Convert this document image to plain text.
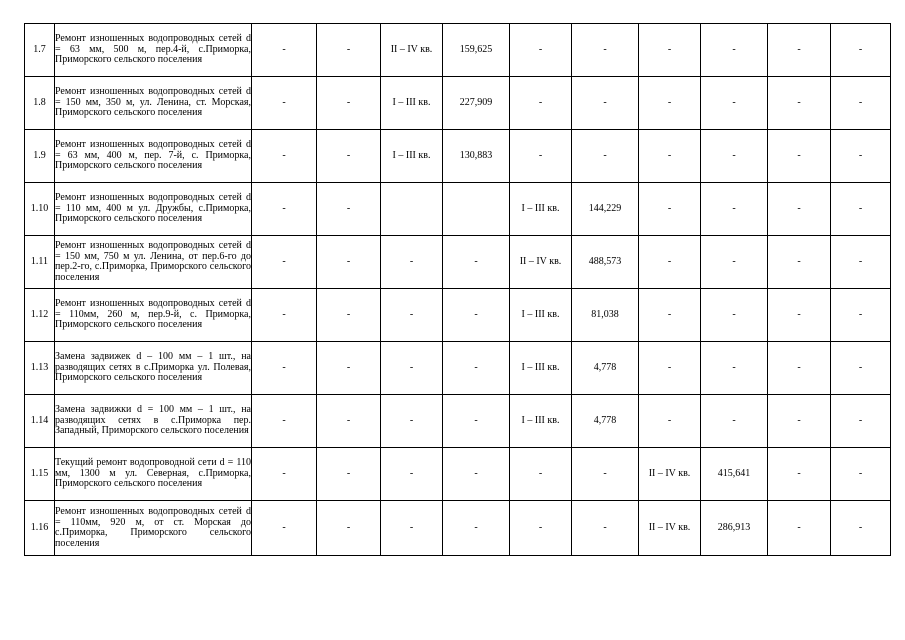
1.7	Ремонт изношенных водопроводных сетей d = 63 мм, 500 м, пер.4-й, с.Приморка, Приморского сельского поселения	-	-	II – IV кв.	159,625	-	-	-	-	-	-
1.8	Ремонт изношенных водопроводных сетей d = 150 мм, 350 м, ул. Ленина, ст. Морская, Приморского сельского поселения	-	-	I – III кв.	227,909	-	-	-	-	-	-
1.9	Ремонт изношенных водопроводных сетей d = 63 мм, 400 м, пер. 7-й, с. Приморка, Приморского сельского поселения	-	-	I – III кв.	130,883	-	-	-	-	-	-
1.10	Ремонт изношенных водопроводных сетей d = 110 мм, 400 м ул. Дружбы, с.Приморка, Приморского сельского поселения	-	-			I – III кв.	144,229	-	-	-	-
1.11	Ремонт изношенных водопроводных сетей d = 150 мм, 750 м ул. Ленина, от пер.6-го до пер.2-го, с.Приморка, Приморского сельского поселения	-	-	-	-	II – IV кв.	488,573	-	-	-	-
1.12	Ремонт изношенных водопроводных сетей d = 110мм, 260 м, пер.9-й, с. Приморка, Приморского сельского поселения	-	-	-	-	I – III кв.	81,038	-	-	-	-
1.13	Замена задвижек d – 100 мм – 1 шт., на разводящих сетях в с.Приморка ул. Полевая, Приморского сельского поселения	-	-	-	-	I – III кв.	4,778	-	-	-	-
1.14	Замена задвижки d = 100 мм – 1 шт., на разводящих сетях в с.Приморка пер. Западный, Приморского сельского поселения	-	-	-	-	I – III кв.	4,778	-	-	-	-
1.15	Текущий ремонт водопроводной сети d = 110 мм, 1300 м ул. Северная, с.Приморка, Приморского сельского поселения	-	-	-	-	-	-	II – IV кв.	415,641	-	-
1.16	Ремонт изношенных водопроводных сетей d = 110мм, 920 м, от ст. Морская до с.Приморка, Приморского сельского поселения	-	-	-	-	-	-	II – IV кв.	286,913	-	-
